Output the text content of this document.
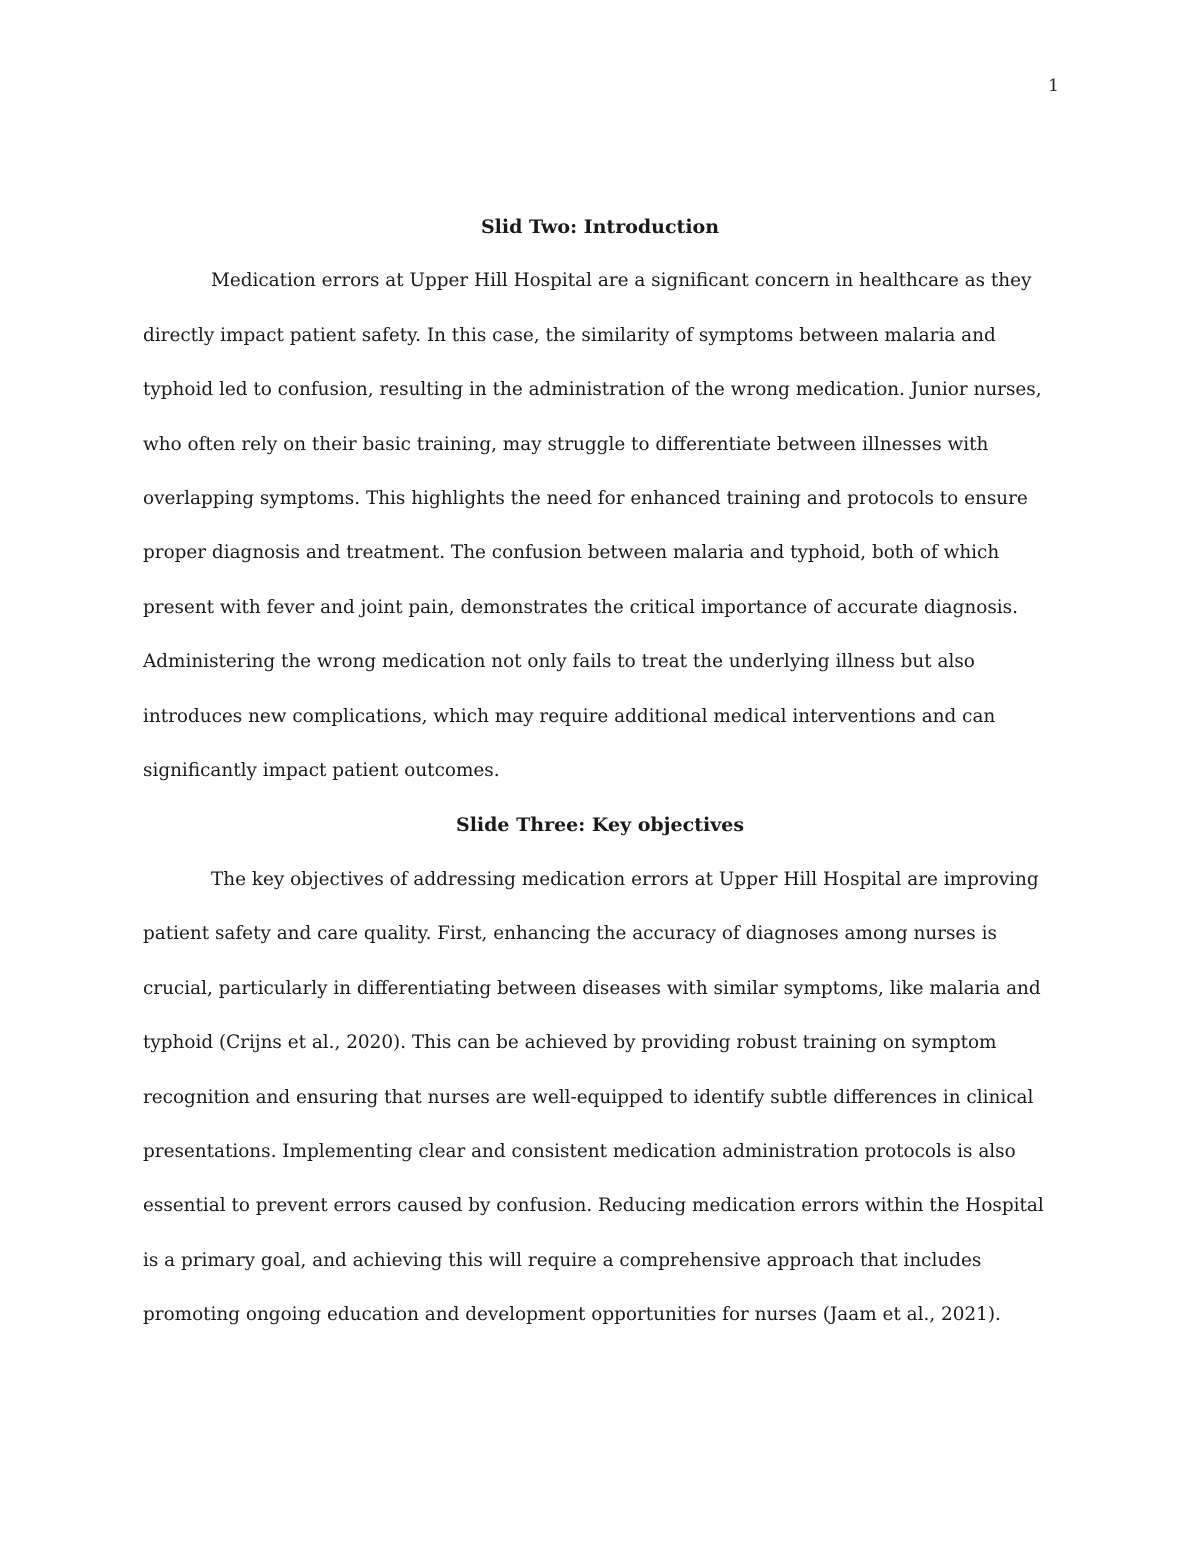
1
Slid Two: Introduction

Medication errors at Upper Hill Hospital are a significant concern in healthcare as they
directly impact patient safety. In this case, the similarity of symptoms between malaria and
typhoid led to confusion, resulting in the administration of the wrong medication. Junior nurses,
who often rely on their basic training, may struggle to differentiate between illnesses with
overlapping symptoms. This highlights the need for enhanced training and protocols to ensure
proper diagnosis and treatment. The confusion between malaria and typhoid, both of which
present with fever and joint pain, demonstrates the critical importance of accurate diagnosis.
Administering the wrong medication not only fails to treat the underlying illness but also
introduces new complications, which may require additional medical interventions and can
significantly impact patient outcomes.

Slide Three: Key objectives

The key objectives of addressing medication errors at Upper Hill Hospital are improving
patient safety and care quality. First, enhancing the accuracy of diagnoses among nurses is
crucial, particularly in differentiating between diseases with similar symptoms, like malaria and
typhoid (Crijns et al., 2020). This can be achieved by providing robust training on symptom
recognition and ensuring that nurses are well-equipped to identify subtle differences in clinical
presentations. Implementing clear and consistent medication administration protocols is also
essential to prevent errors caused by confusion. Reducing medication errors within the Hospital
is a primary goal, and achieving this will require a comprehensive approach that includes
promoting ongoing education and development opportunities for nurses (Jaam et al., 2021).
